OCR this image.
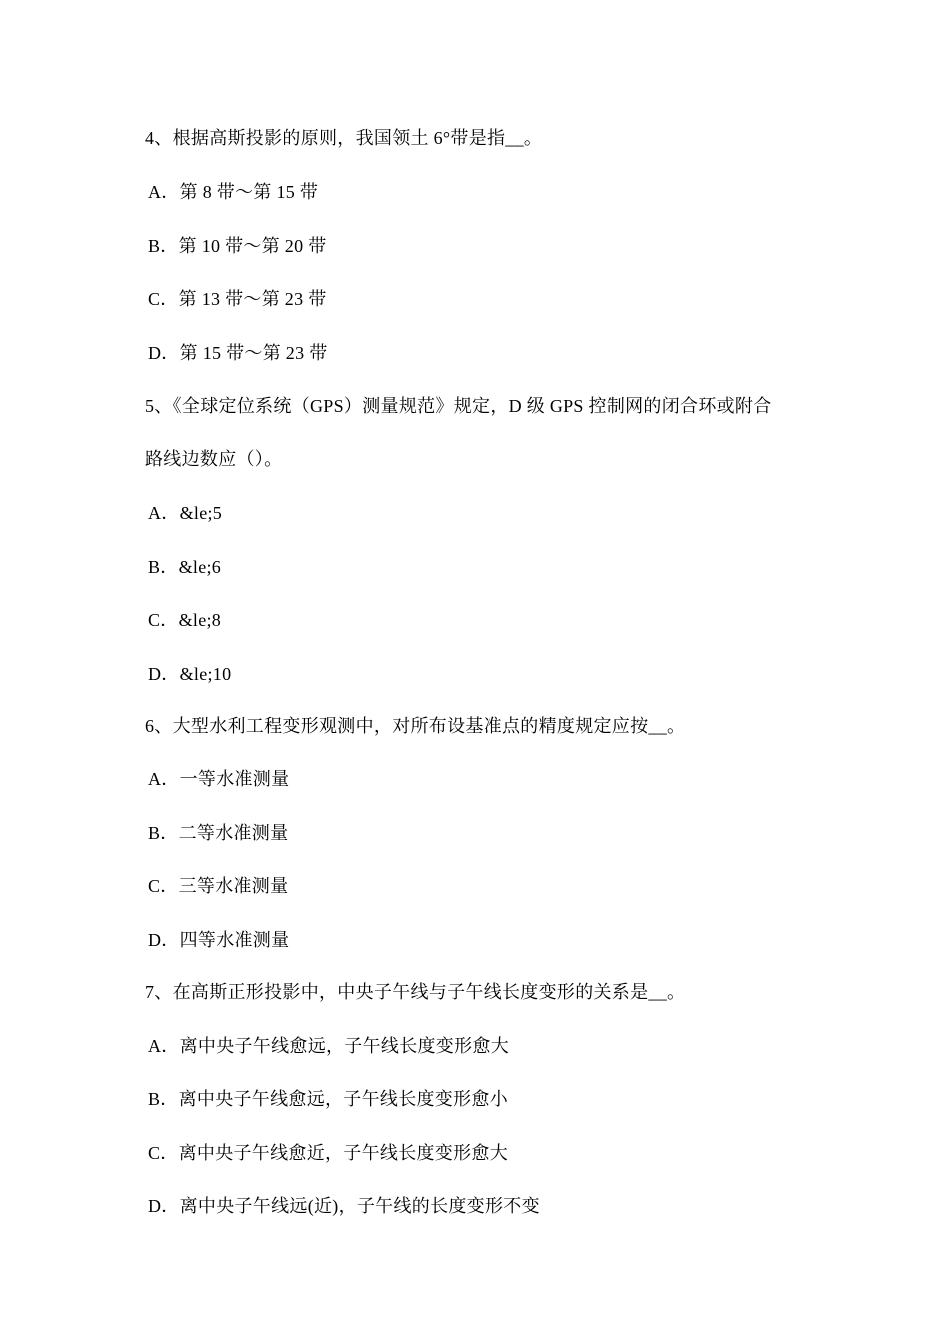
4、根据高斯投影的原则，我国领土 6°带是指__。
A．第 8 带～第 15 带
B．第 10 带～第 20 带
C．第 13 带～第 23 带
D．第 15 带～第 23 带
5、《全球定位系统（GPS）测量规范》规定，D 级 GPS 控制网的闭合环或附合
路线边数应（）。
A．&le;5
B．&le;6
C．&le;8
D．&le;10
6、大型水利工程变形观测中，对所布设基准点的精度规定应按__。
A．一等水准测量
B．二等水准测量
C．三等水准测量
D．四等水准测量
7、在高斯正形投影中，中央子午线与子午线长度变形的关系是__。
A．离中央子午线愈远，子午线长度变形愈大
B．离中央子午线愈远，子午线长度变形愈小
C．离中央子午线愈近，子午线长度变形愈大
D．离中央子午线远(近)，子午线的长度变形不变
